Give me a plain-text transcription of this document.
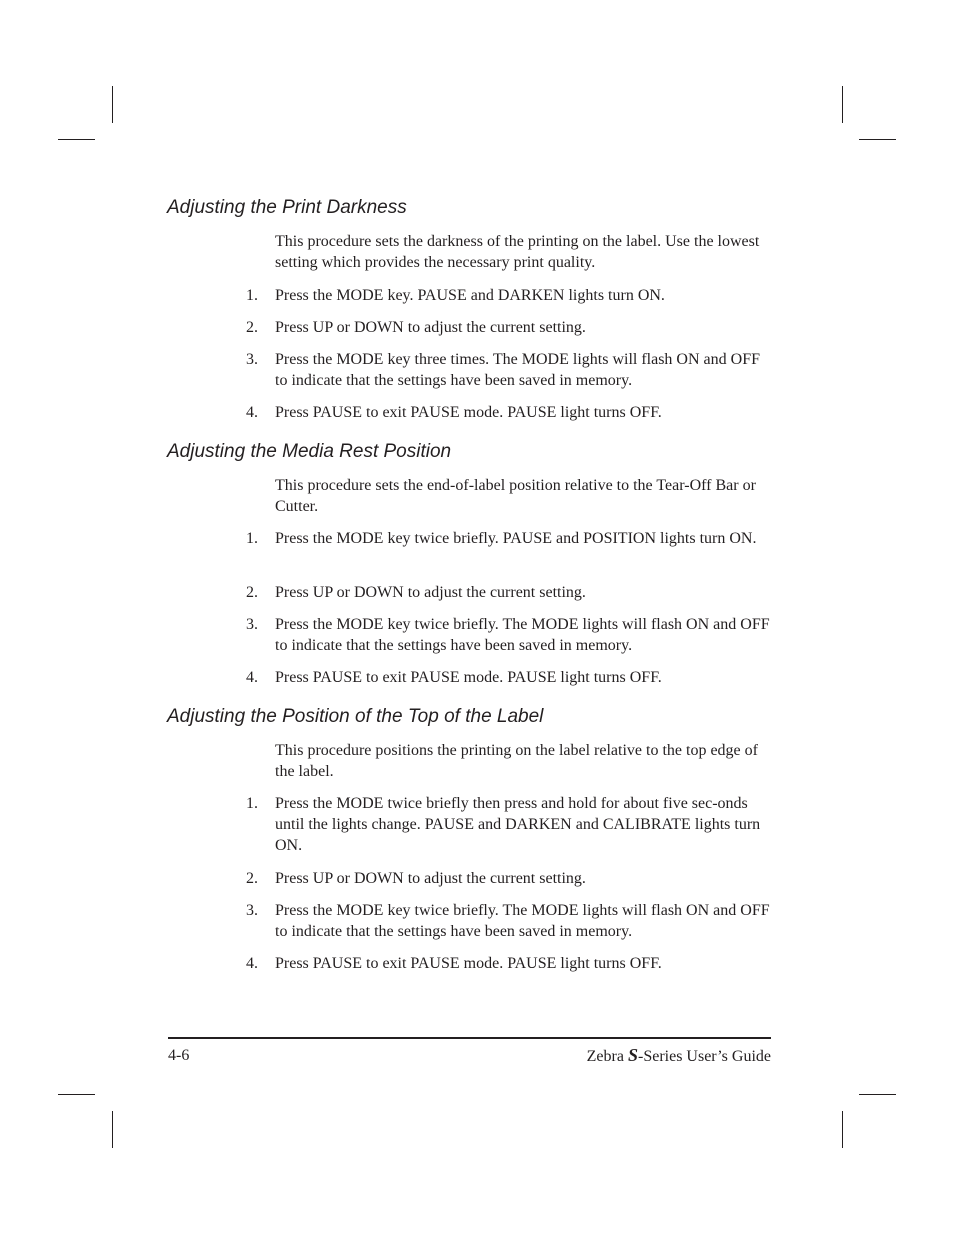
Adjusting the Print Darkness

This procedure sets the darkness of the printing on the label. Use the lowest setting which provides the necessary print quality.

1. Press the MODE key. PAUSE and DARKEN lights turn ON.
2. Press UP or DOWN to adjust the current setting.
3. Press the MODE key three times. The MODE lights will flash ON and OFF to indicate that the settings have been saved in memory.
4. Press PAUSE to exit PAUSE mode. PAUSE light turns OFF.
Adjusting the Media Rest Position

This procedure sets the end-of-label position relative to the Tear-Off Bar or Cutter.

1. Press the MODE key twice briefly. PAUSE and POSITION lights turn ON.
2. Press UP or DOWN to adjust the current setting.
3. Press the MODE key twice briefly. The MODE lights will flash ON and OFF to indicate that the settings have been saved in memory.
4. Press PAUSE to exit PAUSE mode. PAUSE light turns OFF.
Adjusting the Position of the Top of the Label

This procedure positions the printing on the label relative to the top edge of the label.

1. Press the MODE twice briefly then press and hold for about five sec-onds until the lights change. PAUSE and DARKEN and CALIBRATE lights turn ON.
2. Press UP or DOWN to adjust the current setting.
3. Press the MODE key twice briefly. The MODE lights will flash ON and OFF to indicate that the settings have been saved in memory.
4. Press PAUSE to exit PAUSE mode. PAUSE light turns OFF.
4-6	Zebra S-Series User’s Guide
